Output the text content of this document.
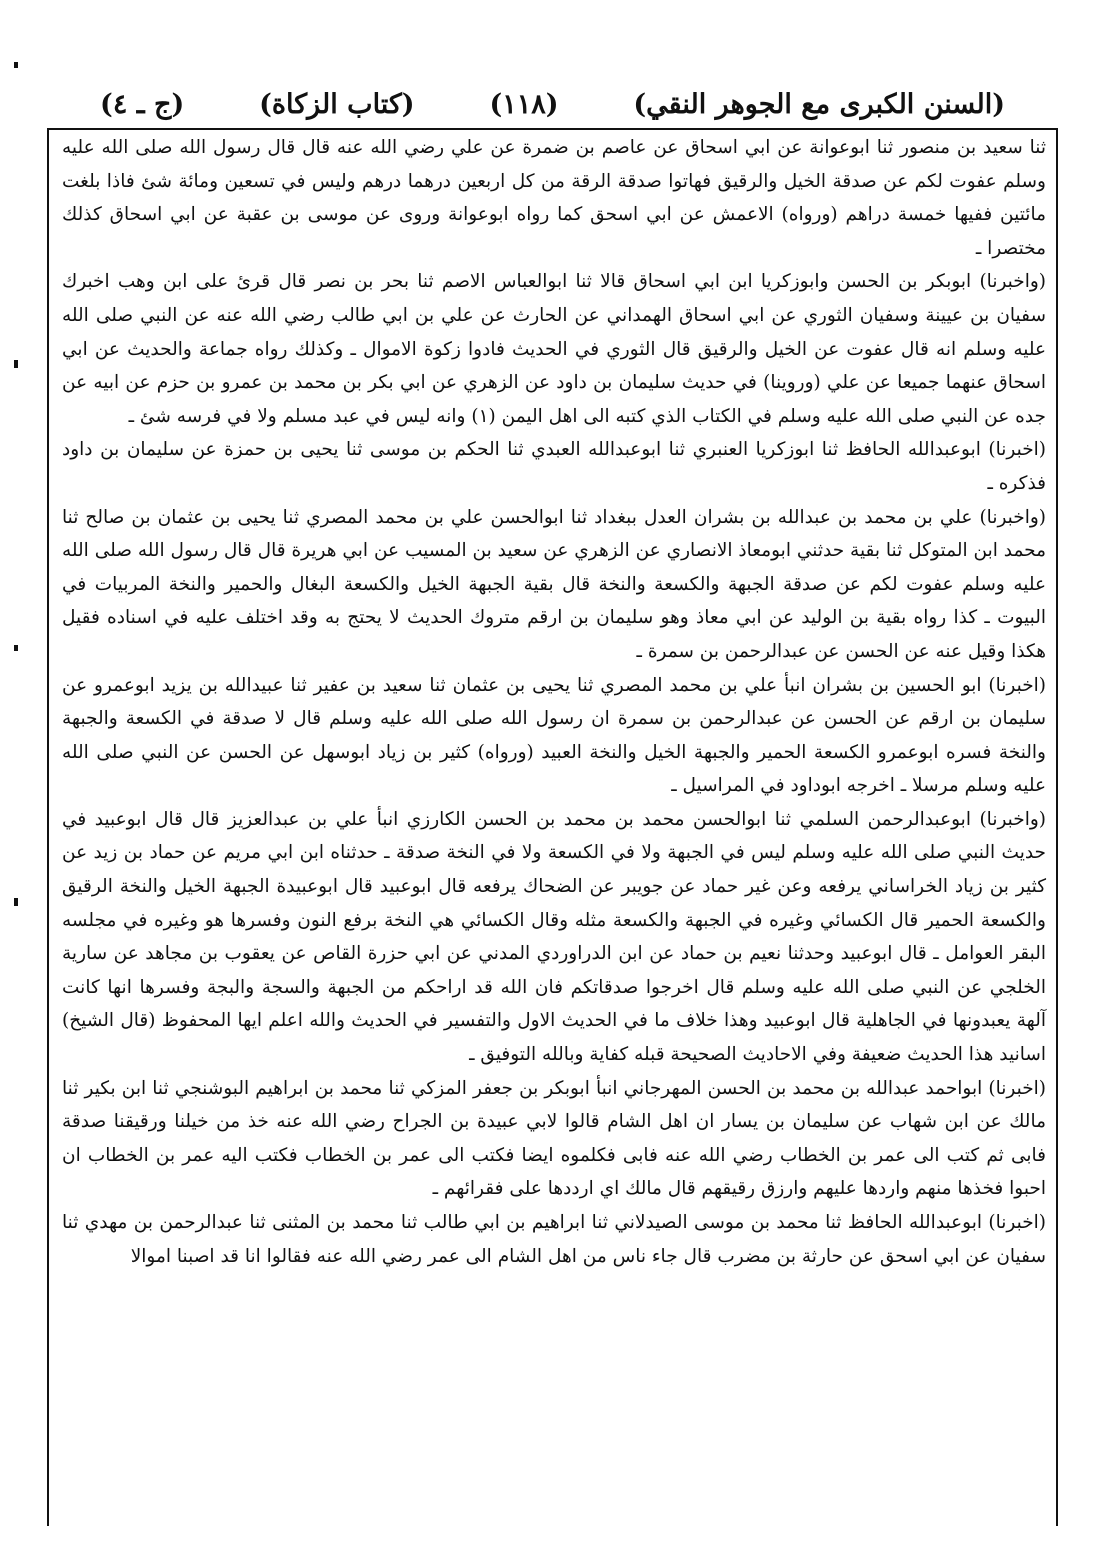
(السنن الكبرى مع الجوهر النقي)
(١١٨)
(كتاب الزكاة)
(ج ـ ٤)

ثنا سعيد بن منصور ثنا ابوعوانة عن ابي اسحاق عن عاصم بن ضمرة عن علي رضي الله عنه قال قال رسول الله صلى الله عليه وسلم عفوت لكم عن صدقة الخيل والرقيق فهاتوا صدقة الرقة من كل اربعين درهما درهم وليس في تسعين ومائة شئ فاذا بلغت مائتين ففيها خمسة دراهم (ورواه) الاعمش عن ابي اسحق كما رواه ابوعوانة وروى عن موسى بن عقبة عن ابي اسحاق كذلك مختصرا ـ

(واخبرنا) ابوبكر بن الحسن وابوزكريا ابن ابي اسحاق قالا ثنا ابوالعباس الاصم ثنا بحر بن نصر قال قرئ على ابن وهب اخبرك سفيان بن عيينة وسفيان الثوري عن ابي اسحاق الهمداني عن الحارث عن علي بن ابي طالب رضي الله عنه عن النبي صلى الله عليه وسلم انه قال عفوت عن الخيل والرقيق قال الثوري في الحديث فادوا زكوة الاموال ـ وكذلك رواه جماعة والحديث عن ابي اسحاق عنهما جميعا عن علي (وروينا) في حديث سليمان بن داود عن الزهري عن ابي بكر بن محمد بن عمرو بن حزم عن ابيه عن جده عن النبي صلى الله عليه وسلم في الكتاب الذي كتبه الى اهل اليمن (١) وانه ليس في عبد مسلم ولا في فرسه شئ ـ

(اخبرنا) ابوعبدالله الحافظ ثنا ابوزكريا العنبري ثنا ابوعبدالله العبدي ثنا الحكم بن موسى ثنا يحيى بن حمزة عن سليمان بن داود فذكره ـ

(واخبرنا) علي بن محمد بن عبدالله بن بشران العدل ببغداد ثنا ابوالحسن علي بن محمد المصري ثنا يحيى بن عثمان بن صالح ثنا محمد ابن المتوكل ثنا بقية حدثني ابومعاذ الانصاري عن الزهري عن سعيد بن المسيب عن ابي هريرة قال قال رسول الله صلى الله عليه وسلم عفوت لكم عن صدقة الجبهة والكسعة والنخة قال بقية الجبهة الخيل والكسعة البغال والحمير والنخة المربيات في البيوت ـ كذا رواه بقية بن الوليد عن ابي معاذ وهو سليمان بن ارقم متروك الحديث لا يحتج به وقد اختلف عليه في اسناده فقيل هكذا وقيل عنه عن الحسن عن عبدالرحمن بن سمرة ـ

(اخبرنا) ابو الحسين بن بشران انبأ علي بن محمد المصري ثنا يحيى بن عثمان ثنا سعيد بن عفير ثنا عبيدالله بن يزيد ابوعمرو عن سليمان بن ارقم عن الحسن عن عبدالرحمن بن سمرة ان رسول الله صلى الله عليه وسلم قال لا صدقة في الكسعة والجبهة والنخة فسره ابوعمرو الكسعة الحمير والجبهة الخيل والنخة العبيد (ورواه) كثير بن زياد ابوسهل عن الحسن عن النبي صلى الله عليه وسلم مرسلا ـ اخرجه ابوداود في المراسيل ـ

(واخبرنا) ابوعبدالرحمن السلمي ثنا ابوالحسن محمد بن محمد بن الحسن الكارزي انبأ علي بن عبدالعزيز قال قال ابوعبيد في حديث النبي صلى الله عليه وسلم ليس في الجبهة ولا في الكسعة ولا في النخة صدقة ـ حدثناه ابن ابي مريم عن حماد بن زيد عن كثير بن زياد الخراساني يرفعه وعن غير حماد عن جويبر عن الضحاك يرفعه قال ابوعبيد قال ابوعبيدة الجبهة الخيل والنخة الرقيق والكسعة الحمير قال الكسائي وغيره في الجبهة والكسعة مثله وقال الكسائي هي النخة برفع النون وفسرها هو وغيره في مجلسه البقر العوامل ـ قال ابوعبيد وحدثنا نعيم بن حماد عن ابن الدراوردي المدني عن ابي حزرة القاص عن يعقوب بن مجاهد عن سارية الخلجي عن النبي صلى الله عليه وسلم قال اخرجوا صدقاتكم فان الله قد اراحكم من الجبهة والسجة والبجة وفسرها انها كانت آلهة يعبدونها في الجاهلية قال ابوعبيد وهذا خلاف ما في الحديث الاول والتفسير في الحديث والله اعلم ايها المحفوظ (قال الشيخ) اسانيد هذا الحديث ضعيفة وفي الاحاديث الصحيحة قبله كفاية وبالله التوفيق ـ

(اخبرنا) ابواحمد عبدالله بن محمد بن الحسن المهرجاني انبأ ابوبكر بن جعفر المزكي ثنا محمد بن ابراهيم البوشنجي ثنا ابن بكير ثنا مالك عن ابن شهاب عن سليمان بن يسار ان اهل الشام قالوا لابي عبيدة بن الجراح رضي الله عنه خذ من خيلنا ورقيقنا صدقة فابى ثم كتب الى عمر بن الخطاب رضي الله عنه فابى فكلموه ايضا فكتب الى عمر بن الخطاب فكتب اليه عمر بن الخطاب ان احبوا فخذها منهم واردها عليهم وارزق رقيقهم قال مالك اي ارددها على فقرائهم ـ

(اخبرنا) ابوعبدالله الحافظ ثنا محمد بن موسى الصيدلاني ثنا ابراهيم بن ابي طالب ثنا محمد بن المثنى ثنا عبدالرحمن بن مهدي ثنا سفيان عن ابي اسحق عن حارثة بن مضرب قال جاء ناس من اهل الشام الى عمر رضي الله عنه فقالوا انا قد اصبنا اموالا
